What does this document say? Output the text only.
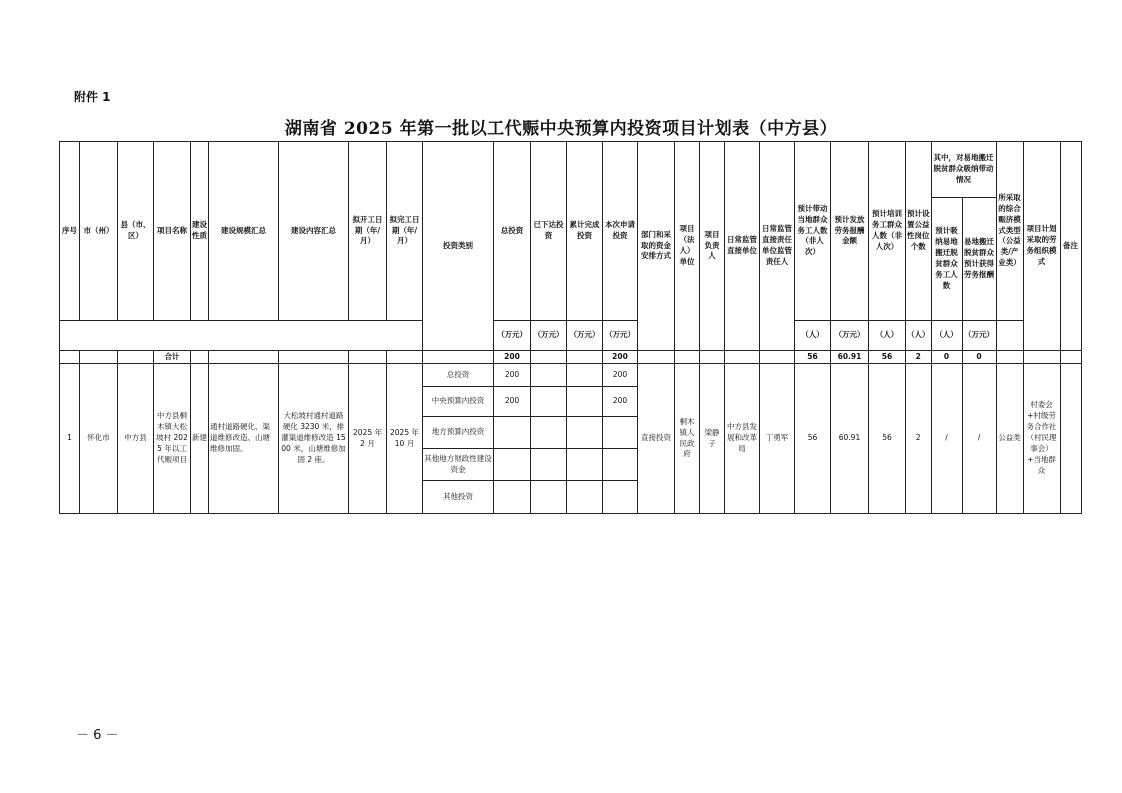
附件 1
湖南省 2025 年第一批以工代赈中央预算内投资项目计划表（中方县）
序号	市（州）	县（市、区）	项目名称	建设性质	建设规模汇总	建设内容汇总	拟开工日期（年/月）	拟完工日期（年/月）	投资类别	总投资	已下达投资	累计完成投资	本次申请投资	部门和采取的资金安排方式	项目（法人）单位	项目负责人	日常监管直接单位	日常监管直接责任单位监管责任人	预计带动当地群众务工人数（非人次）	预计发放劳务报酬金额	预计培训务工群众人数（非人次）	预计设置公益性岗位个数	其中，对易地搬迁脱贫群众吸纳带动情况		所采取的综合赈济模式类型（公益类/产业类）	项目计划采取的劳务组织模式	备注
																							预计吸纳易地搬迁脱贫群众务工人数	易地搬迁脱贫群众预计获得劳务报酬			
										（万元）	（万元）	（万元）	（万元）						（人）	（万元）	（人）	（人）	（人）	（万元）			
			合计							200			200						56	60.91	56	2	0	0			
1	怀化市	中方县	中方县桐木镇大松坡村 2025 年以工代赈项目	新建	通村道路硬化、渠道维修改造、山塘维修加固。	大松坡村通村道路硬化 3230 米，排灌渠道维修改造 1500 米，山塘维修加固 2 座。	2025 年 2 月	2025 年 10 月	总投资	200			200	直接投资	桐木镇人民政府	梁静子	中方县发展和改革局	丁勇军	56	60.91	56	2	/	/	公益类	村委会+村级劳务合作社（村民理事会）+当地群众	
									中央预算内投资	200			200														
									地方预算内投资																		
									其他地方财政性建设资金																		
									其他投资																		
－ 6 －
